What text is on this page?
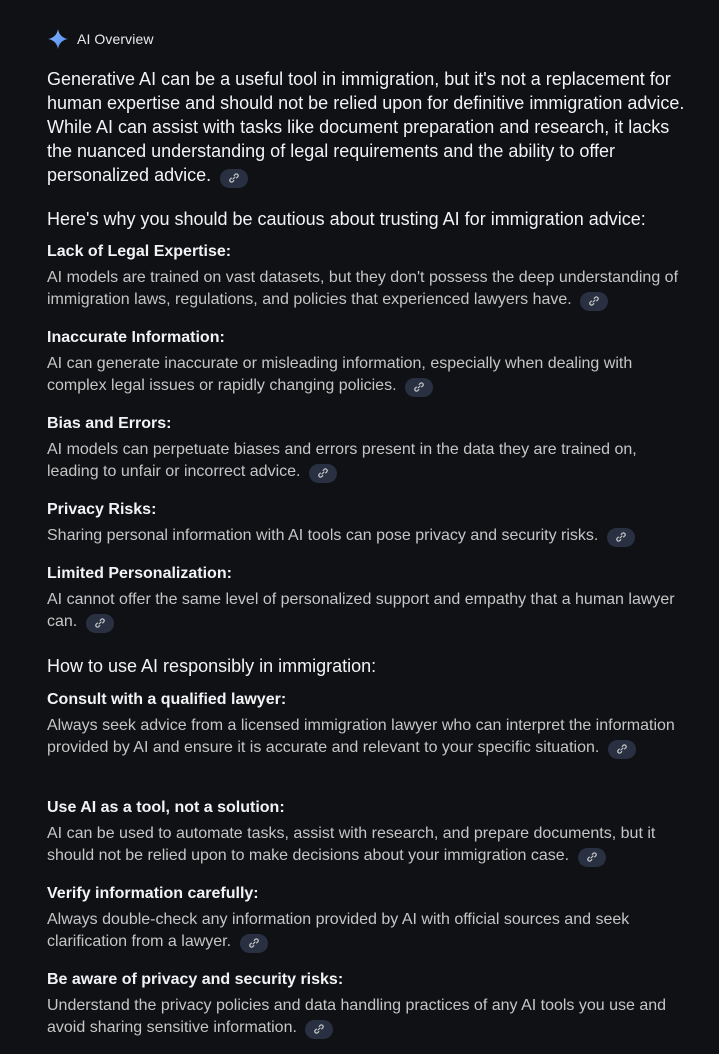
AI Overview
Generative AI can be a useful tool in immigration, but it's not a replacement for human expertise and should not be relied upon for definitive immigration advice. While AI can assist with tasks like document preparation and research, it lacks the nuanced understanding of legal requirements and the ability to offer personalized advice.
Here's why you should be cautious about trusting AI for immigration advice:
Lack of Legal Expertise:
AI models are trained on vast datasets, but they don't possess the deep understanding of immigration laws, regulations, and policies that experienced lawyers have.
Inaccurate Information:
AI can generate inaccurate or misleading information, especially when dealing with complex legal issues or rapidly changing policies.
Bias and Errors:
AI models can perpetuate biases and errors present in the data they are trained on, leading to unfair or incorrect advice.
Privacy Risks:
Sharing personal information with AI tools can pose privacy and security risks.
Limited Personalization:
AI cannot offer the same level of personalized support and empathy that a human lawyer can.
How to use AI responsibly in immigration:
Consult with a qualified lawyer:
Always seek advice from a licensed immigration lawyer who can interpret the information provided by AI and ensure it is accurate and relevant to your specific situation.
Use AI as a tool, not a solution:
AI can be used to automate tasks, assist with research, and prepare documents, but it should not be relied upon to make decisions about your immigration case.
Verify information carefully:
Always double-check any information provided by AI with official sources and seek clarification from a lawyer.
Be aware of privacy and security risks:
Understand the privacy policies and data handling practices of any AI tools you use and avoid sharing sensitive information.
